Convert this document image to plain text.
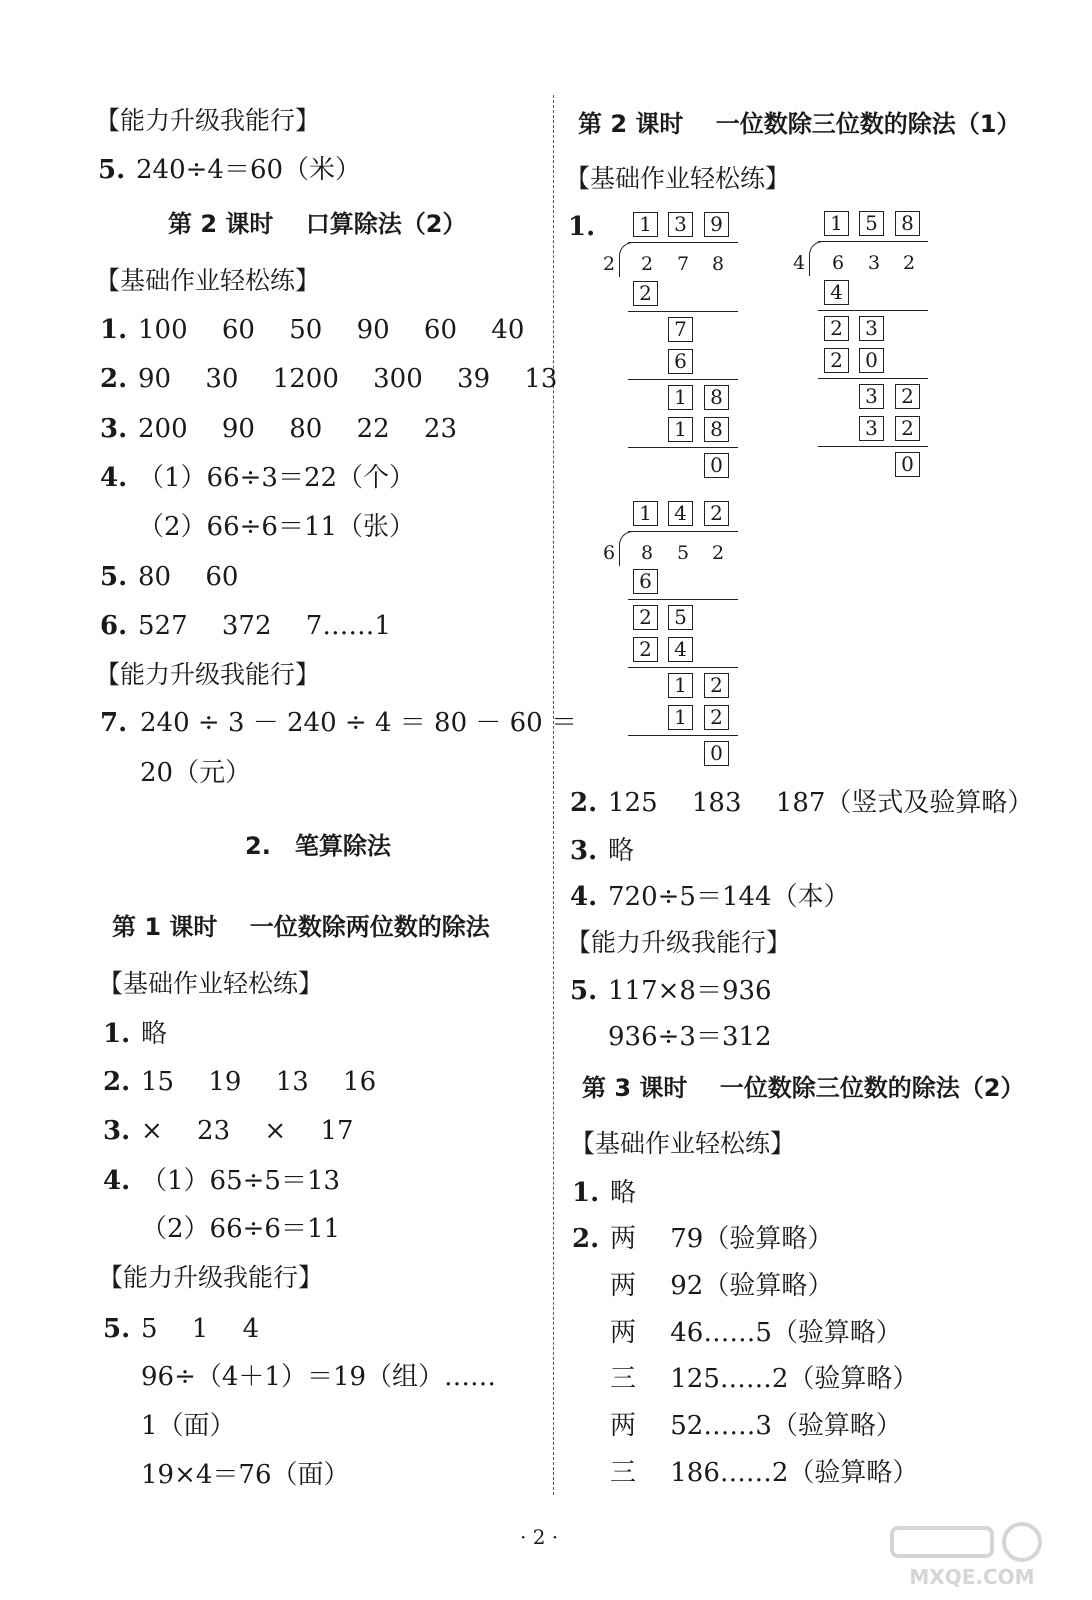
【能力升级我能行】
5. 240÷4＝60（米）
第 2 课时　 口算除法（2）
【基础作业轻松练】
1. 100　 60　 50　 90　 60　 40
2. 90　 30　 1200　 300　 39　 13
3. 200　 90　 80　 22　 23
4. （1）66÷3＝22（个）
（2）66÷6＝11（张）
5. 80　 60
6. 527　 372　 7……1
【能力升级我能行】
7. 240 ÷ 3 － 240 ÷ 4 ＝ 80 － 60 ＝
20（元）
2.　笔算除法
第 1 课时　 一位数除两位数的除法
【基础作业轻松练】
1. 略
2. 15　 19　 13　 16
3. ×　 23　 ×　 17
4. （1）65÷5＝13
（2）66÷6＝11
【能力升级我能行】
5. 5　 1　 4
96÷（4＋1）＝19（组）……
1（面）
19×4＝76（面）
第 2 课时　 一位数除三位数的除法（1）
【基础作业轻松练】
1.	1	3	9
2 2 7 8
2
7
6
1	8
1	8
0
1	5	8
4 6 3 2
4
2	3
2	0
3	2
3	2
0
1	4	2
6 8 5 2
6
2	5
2	4
1	2
1	2
0
2. 125　 183　 187（竖式及验算略）
3. 略
4. 720÷5＝144（本）
【能力升级我能行】
5. 117×8＝936
936÷3＝312
第 3 课时　 一位数除三位数的除法（2）
【基础作业轻松练】
1. 略
2. 两　 79（验算略）
两　 92（验算略）
两　 46……5（验算略）
三　 125……2（验算略）
两　 52……3（验算略）
三　 186……2（验算略）
· 2 ·
MXQE.COM
